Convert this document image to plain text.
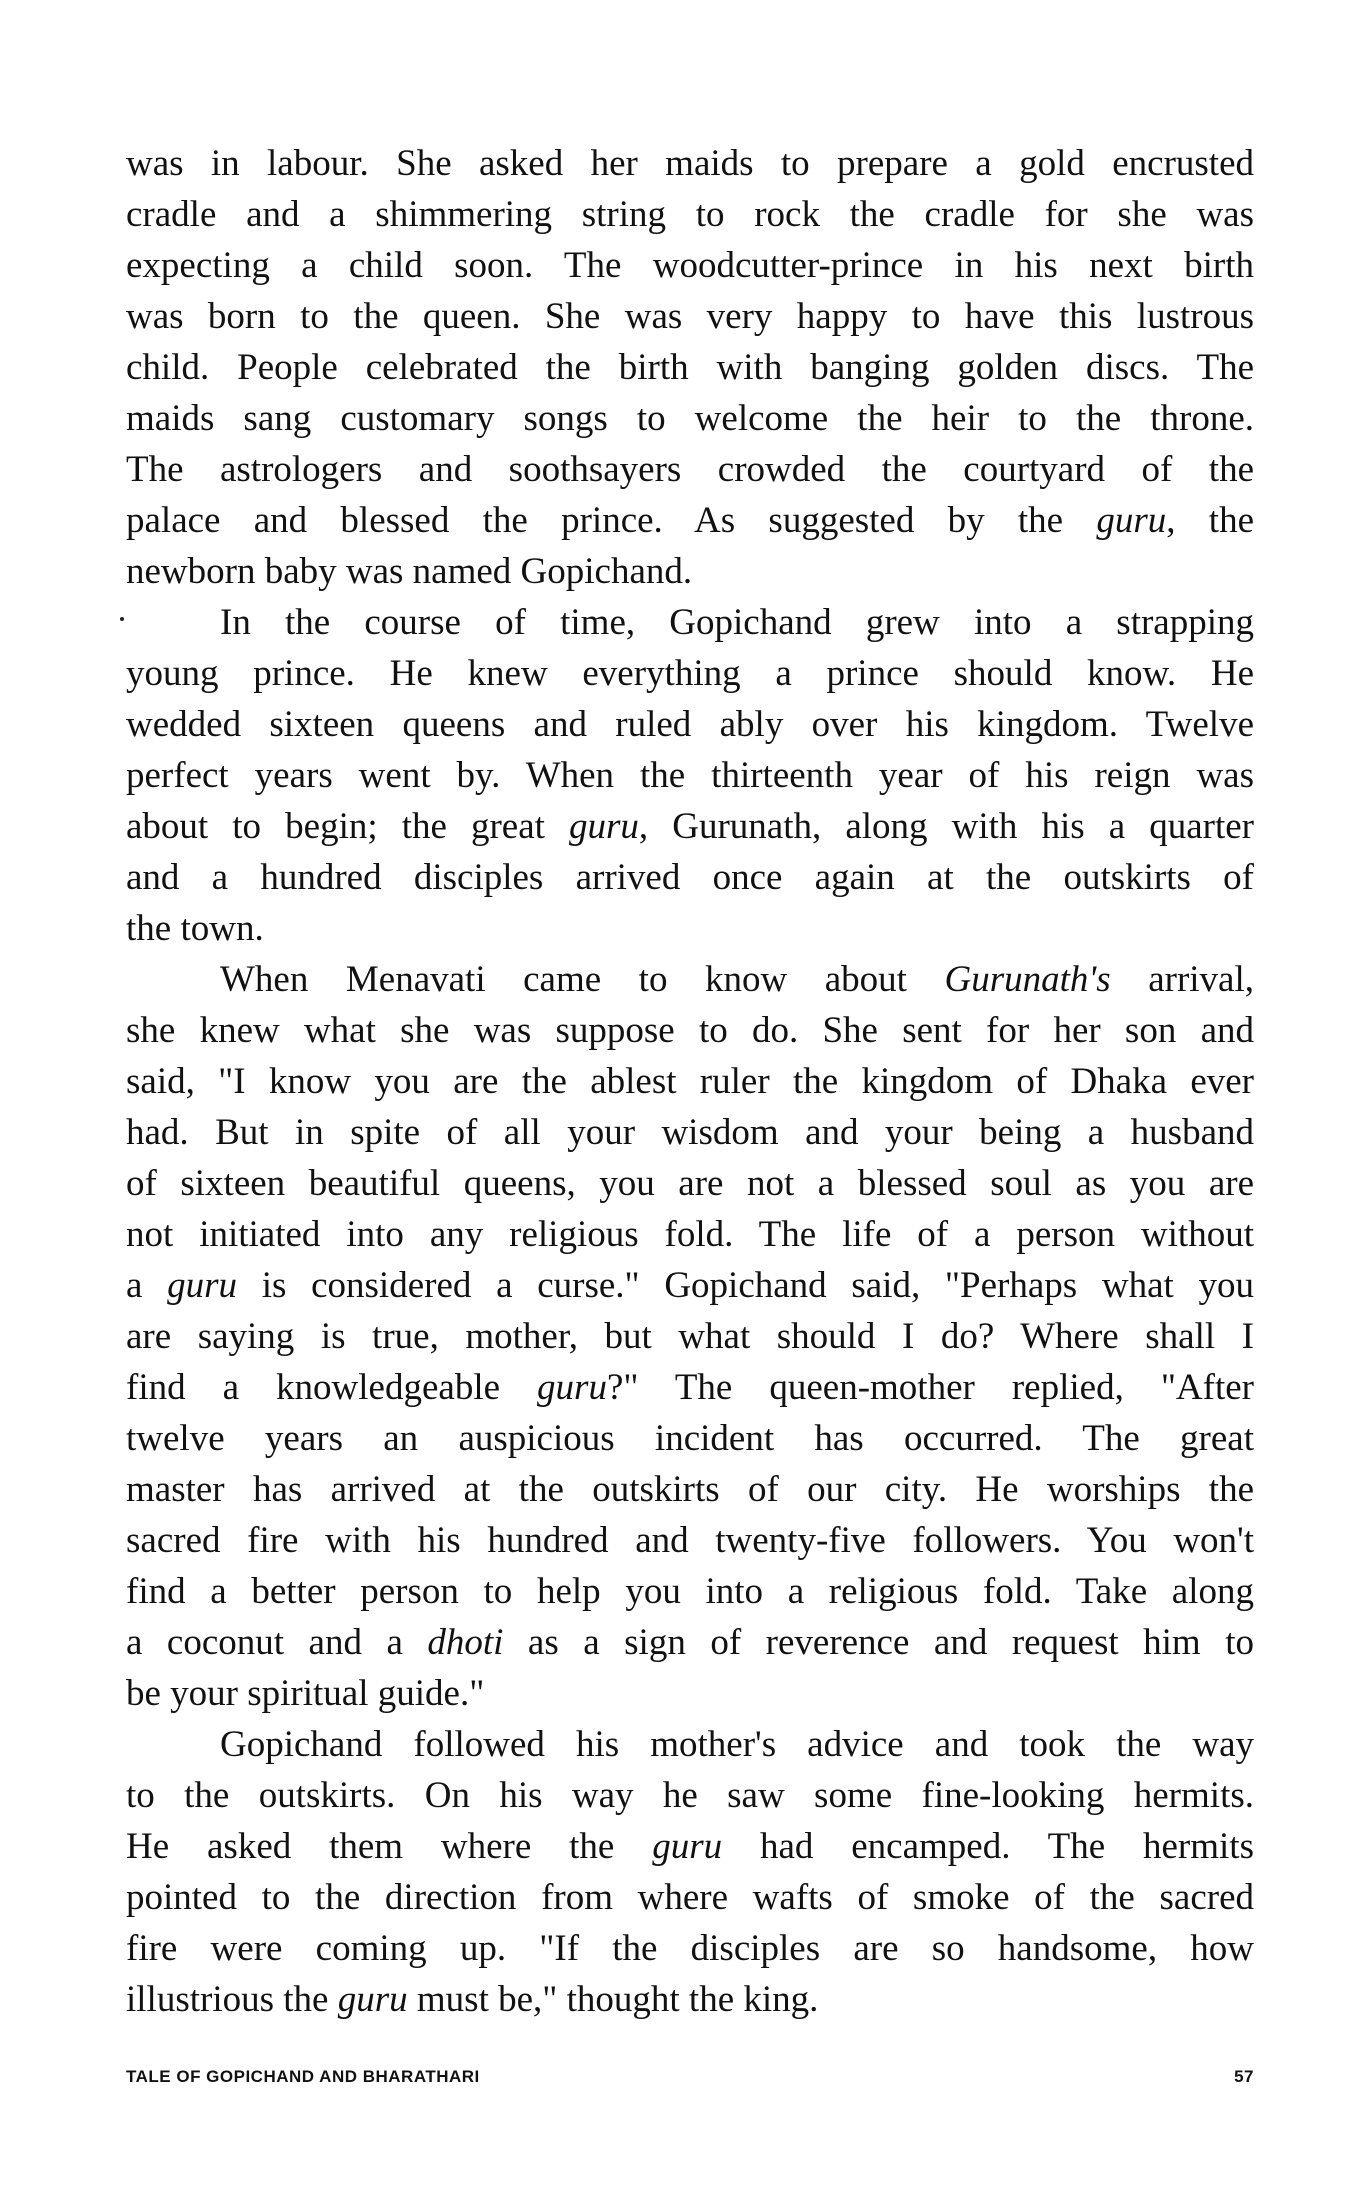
was in labour. She asked her maids to prepare a gold encrusted
cradle and a shimmering string to rock the cradle for she was
expecting a child soon. The woodcutter-prince in his next birth
was born to the queen. She was very happy to have this lustrous
child. People celebrated the birth with banging golden discs. The
maids sang customary songs to welcome the heir to the throne.
The astrologers and soothsayers crowded the courtyard of the
palace and blessed the prince. As suggested by the guru, the
newborn baby was named Gopichand.
In the course of time, Gopichand grew into a strapping
young prince. He knew everything a prince should know. He
wedded sixteen queens and ruled ably over his kingdom. Twelve
perfect years went by. When the thirteenth year of his reign was
about to begin; the great guru, Gurunath, along with his a quarter
and a hundred disciples arrived once again at the outskirts of
the town.
When Menavati came to know about Gurunath's arrival,
she knew what she was suppose to do. She sent for her son and
said, "I know you are the ablest ruler the kingdom of Dhaka ever
had. But in spite of all your wisdom and your being a husband
of sixteen beautiful queens, you are not a blessed soul as you are
not initiated into any religious fold. The life of a person without
a guru is considered a curse." Gopichand said, "Perhaps what you
are saying is true, mother, but what should I do? Where shall I
find a knowledgeable guru?" The queen-mother replied, "After
twelve years an auspicious incident has occurred. The great
master has arrived at the outskirts of our city. He worships the
sacred fire with his hundred and twenty-five followers. You won't
find a better person to help you into a religious fold. Take along
a coconut and a dhoti as a sign of reverence and request him to
be your spiritual guide."
Gopichand followed his mother's advice and took the way
to the outskirts. On his way he saw some fine-looking hermits.
He asked them where the guru had encamped. The hermits
pointed to the direction from where wafts of smoke of the sacred
fire were coming up. "If the disciples are so handsome, how
illustrious the guru must be," thought the king.
TALE OF GOPICHAND AND BHARATHARI	57
